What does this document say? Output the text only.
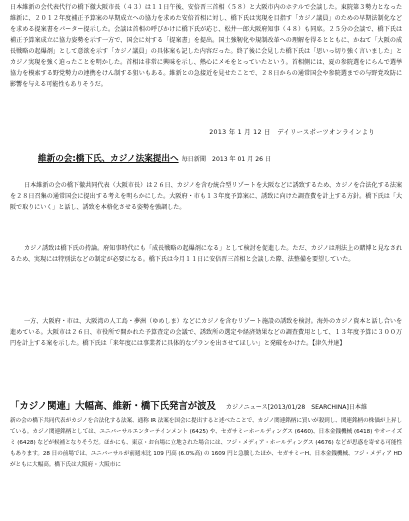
日本維新の会代表代行の橋下徹大阪市長（４３）は１１日午後、安倍晋三首相（５８）と大阪市内のホテルで会談した。東院第３勢力となった維新に、２０１２年度補正予算案の早期成立への協力を求めた安倍首相に対し、橋下氏は実現を目指す「カジノ議員」のための早期法制化などを求める提案書をパーター提示した。会談は首相の呼びかけに橋下氏が応じ、松井一郎大阪府知事（４８）も同席。２５分の会談で、橋下氏は補正予算案成立に協力姿勢を示す一方で、国会に対する「提案書」を提出。国土強靭化や規制改革への理解を得るとともに、かねて「大阪の成長戦略の起爆剤」として意欲を示す「カジノ議員」の具体案も記した内容だった。終了後に会見した橋下氏は「思いっ切り強く言いました」とカジノ実現を強く迫ったことを明かした。首相は非常に興味を示し、熱心にメモをとっていたという。首相側には、夏の参院選をにらんで選挙協力を模索する野党勢力の連携をけん制する狙いもある。維新との急接近を見せたことで、２８日からの通常国会や参院選までの与野党攻防に影響を与える可能性もありそうだ。
2013 年 1 月 12 日　デイリースポーツオンラインより
維新の会:橋下氏、カジノ法案提出へ 毎日新聞　2013 年 01 月 26 日
日本維新の会の橋下徹共同代表（大阪市長）は２６日、カジノを含む統合型リゾートを大阪などに誘致するため、カジノを合法化する法案を２８日召集の通常国会に提出する考えを明らかにした。大阪府・市も１３年度予算案に、誘致に向けた調査費を計上する方針。橋下氏は「大阪で取りにいく」と話し、誘致を本格化させる姿勢を強調した。
カジノ誘致は橋下氏の持論。府知事時代にも「成長戦略の起爆剤になる」として検討を促進した。ただ、カジノは刑法上の賭博と見なされるため、実現には特別法などの制定が必要になる。橋下氏は今月１１日に安倍晋三首相と会談した際、法整備を要望していた。
一方、大阪府・市は、大阪湾の人工島・夢洲（ゆめしま）などにカジノを含むリゾート施設の誘致を検討。海外のカジノ資本と話し合いを進めている。大阪市は２６日、市役所で開かれた予算査定の会議で、誘致所の選定や経済効果などの調査費用として、１３年度予算に３００万円を計上する案を示した。橋下氏は「来年度には事業者に具体的なプランを出させてほしい」と発破をかけた。【津久井達】
「カジノ関連」大幅高、維新・橋下氏発言が波及 カジノニュース[2013/01/28　SEARCHINA]日本維
新の会の橋下共同代表がカジノを合法化する法案、通称 IR 法案を国会に提出すると述べたことで、カジノ関連銘柄に買いが殺到し、関連銘柄の株価が上昇している。カジノ関連銘柄としては、ユニバーサルエンターテインメント (6425) や、セガサミーホールディングス (6460)、日本金銭機械 (6418) やオーイズミ (6428) などが候補となりそうだ。ほかにも、東京・お台場に立地された場合には、フジ・メディア・ホールディングス (4676) などが思惑を寄せる可能性もあります。28 日の前場では、ユニバーサルが前週末比 109 円高 (6.0%高) の 1609 円と急騰したほか、セガサミーH、日本金銭機械、フジ・メディア HD がともに大幅高。橋下氏は大阪府・大阪市に
